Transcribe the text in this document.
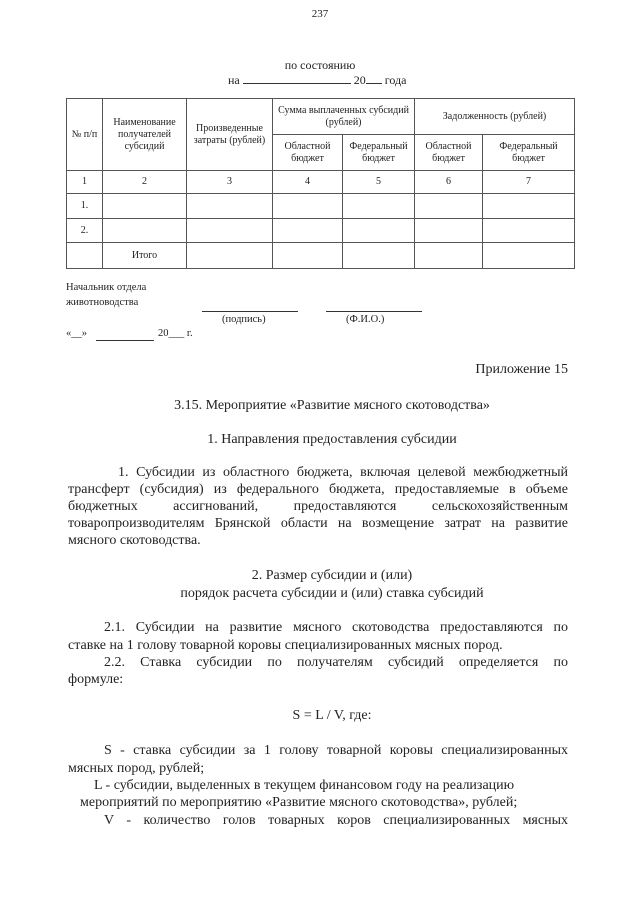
237
по состоянию
на	20 года
№ п/п	Наименование получателей субсидий	Произведенные затраты (рублей)	Сумма выплаченных субсидий (рублей)		Задолженность (рублей)	
			Областной бюджет	Федеральный бюджет	Областной бюджет	Федеральный бюджет
1	2	3	4	5	6	7
1.						
2.						
	Итого					
Начальник отдела
животноводства
(подпись)	(Ф.И.О.)
«__»	20___ г.
Приложение 15
3.15. Мероприятие «Развитие мясного скотоводства»
1. Направления предоставления субсидии
1. Субсидии из областного бюджета, включая целевой межбюджетный
трансферт (субсидия) из федерального бюджета, предоставляемые в объеме
бюджетных ассигнований, предоставляются сельскохозяйственным
товаропроизводителям Брянской области на возмещение затрат на развитие
мясного скотоводства.
2. Размер субсидии и (или)
порядок расчета субсидии и (или) ставка субсидий
2.1. Субсидии на развитие мясного скотоводства предоставляются по
ставке на 1 голову товарной коровы специализированных мясных пород.
2.2. Ставка субсидии по получателям субсидий определяется по
формуле:
S = L / V, где:
S - ставка субсидии за 1 голову товарной коровы специализированных
мясных пород, рублей;
L - субсидии, выделенных в текущем финансовом году на реализацию
мероприятий по мероприятию «Развитие мясного скотоводства», рублей;
V - количество голов товарных коров специализированных мясных
